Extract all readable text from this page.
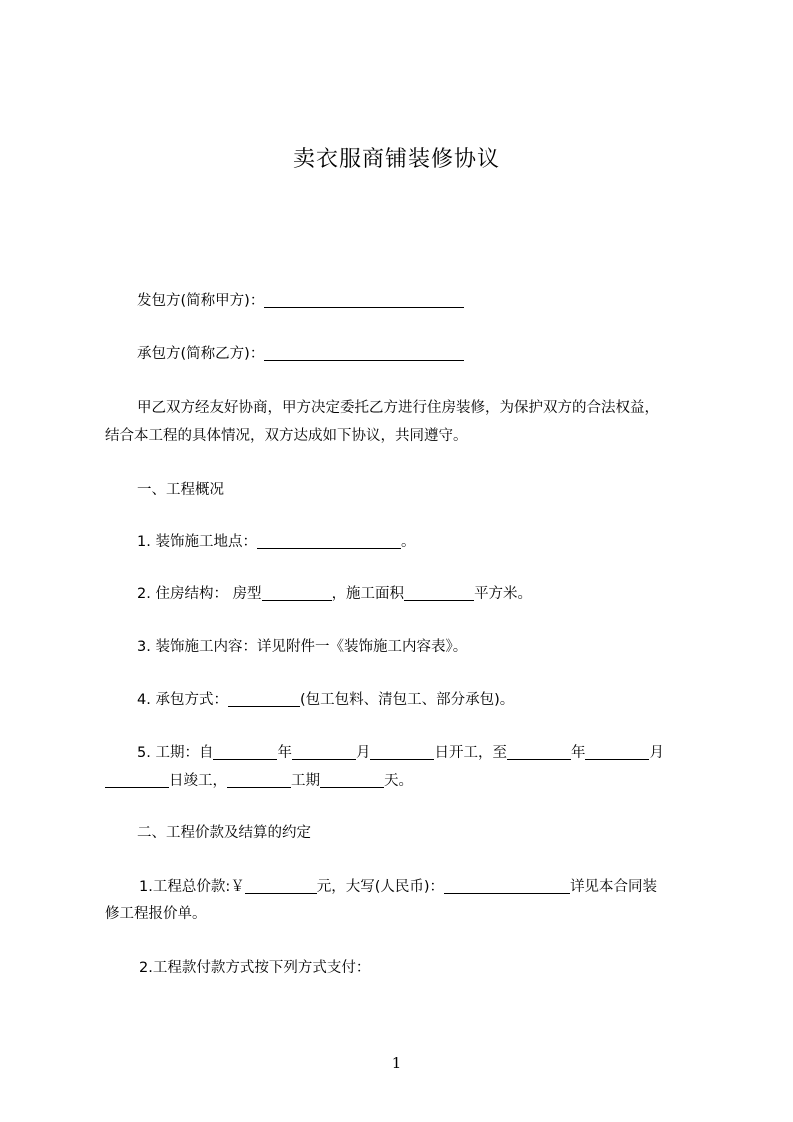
卖衣服商铺装修协议
发包方(简称甲方)：
承包方(简称乙方)：
甲乙双方经友好协商，甲方决定委托乙方进行住房装修，为保护双方的合法权益，
结合本工程的具体情况，双方达成如下协议，共同遵守。
一、工程概况
1. 装饰施工地点：	。
2. 住房结构： 房型	，施工面积	平方米。
3. 装饰施工内容：详见附件一《装饰施工内容表》。
4. 承包方式：	(包工包料、清包工、部分承包)。
5. 工期：自	年	月	日开工，至	年	月
日竣工，	工期	天。
二、工程价款及结算的约定
1.工程总价款:￥	元，大写(人民币)：	详见本合同装
修工程报价单。
2.工程款付款方式按下列方式支付：
1
